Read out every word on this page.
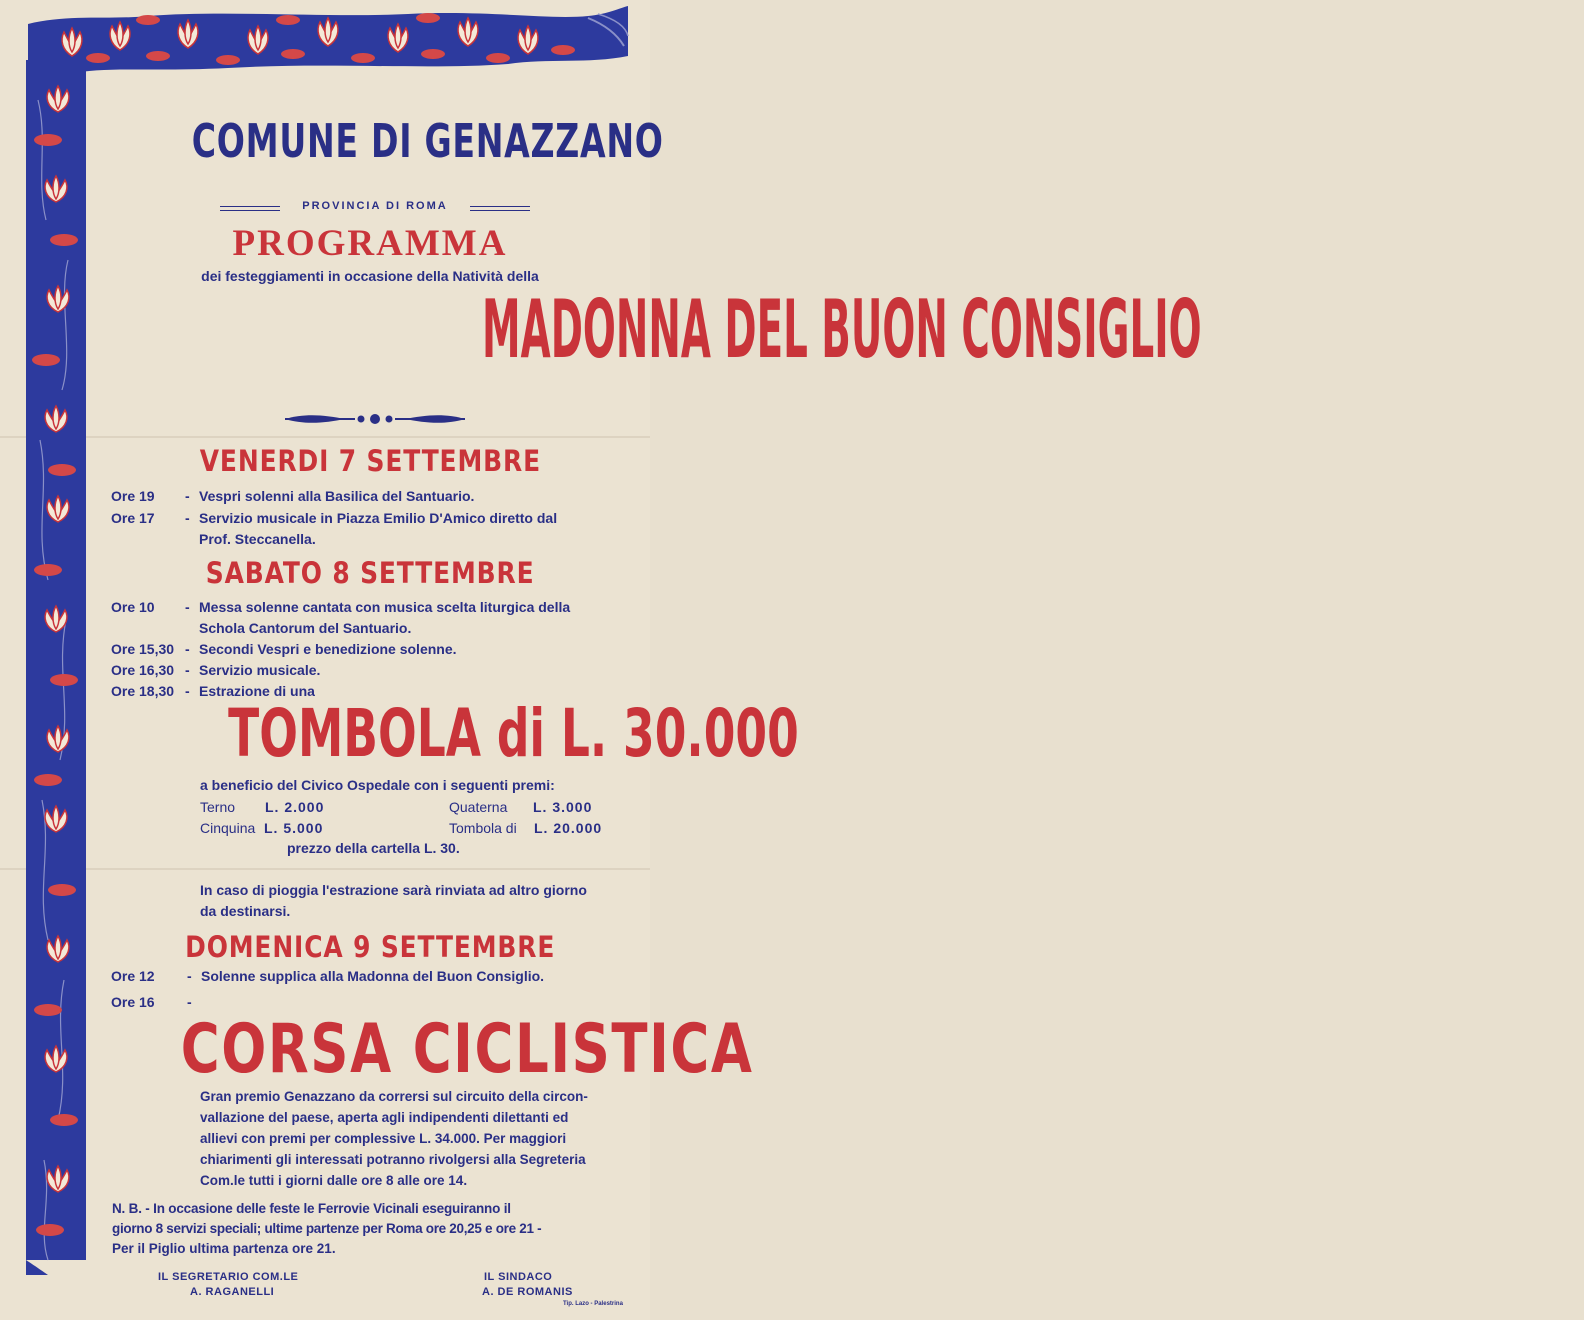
COMUNE DI GENAZZANO
PROVINCIA DI ROMA
PROGRAMMA
dei festeggiamenti in occasione della Natività della
MADONNA DEL BUON CONSIGLIO
VENERDI 7 SETTEMBRE
Ore 19 - Vespri solenni alla Basilica del Santuario.
Ore 17 - Servizio musicale in Piazza Emilio D'Amico diretto dal
Prof. Steccanella.
SABATO 8 SETTEMBRE
Ore 10 - Messa solenne cantata con musica scelta liturgica della
Schola Cantorum del Santuario.
Ore 15,30 - Secondi Vespri e benedizione solenne.
Ore 16,30 - Servizio musicale.
Ore 18,30 - Estrazione di una
TOMBOLA di L. 30.000
a beneficio del Civico Ospedale con i seguenti premi:
Terno L. 2.000	Quaterna L. 3.000
Cinquina L. 5.000	Tombola di L. 20.000
prezzo della cartella L. 30.
In caso di pioggia l'estrazione sarà rinviata ad altro giorno
da destinarsi.
DOMENICA 9 SETTEMBRE
Ore 12 - Solenne supplica alla Madonna del Buon Consiglio.
Ore 16 -
CORSA CICLISTICA
Gran premio Genazzano da corrersi sul circuito della circon-
vallazione del paese, aperta agli indipendenti dilettanti ed
allievi con premi per complessive L. 34.000. Per maggiori
chiarimenti gli interessati potranno rivolgersi alla Segreteria
Com.le tutti i giorni dalle ore 8 alle ore 14.
N. B. - In occasione delle feste le Ferrovie Vicinali eseguiranno il
giorno 8 servizi speciali; ultime partenze per Roma ore 20,25 e ore 21 -
Per il Piglio ultima partenza ore 21.
IL SEGRETARIO COM.LE
A. RAGANELLI
IL SINDACO
A. DE ROMANIS
Tip. Lazo - Palestrina
